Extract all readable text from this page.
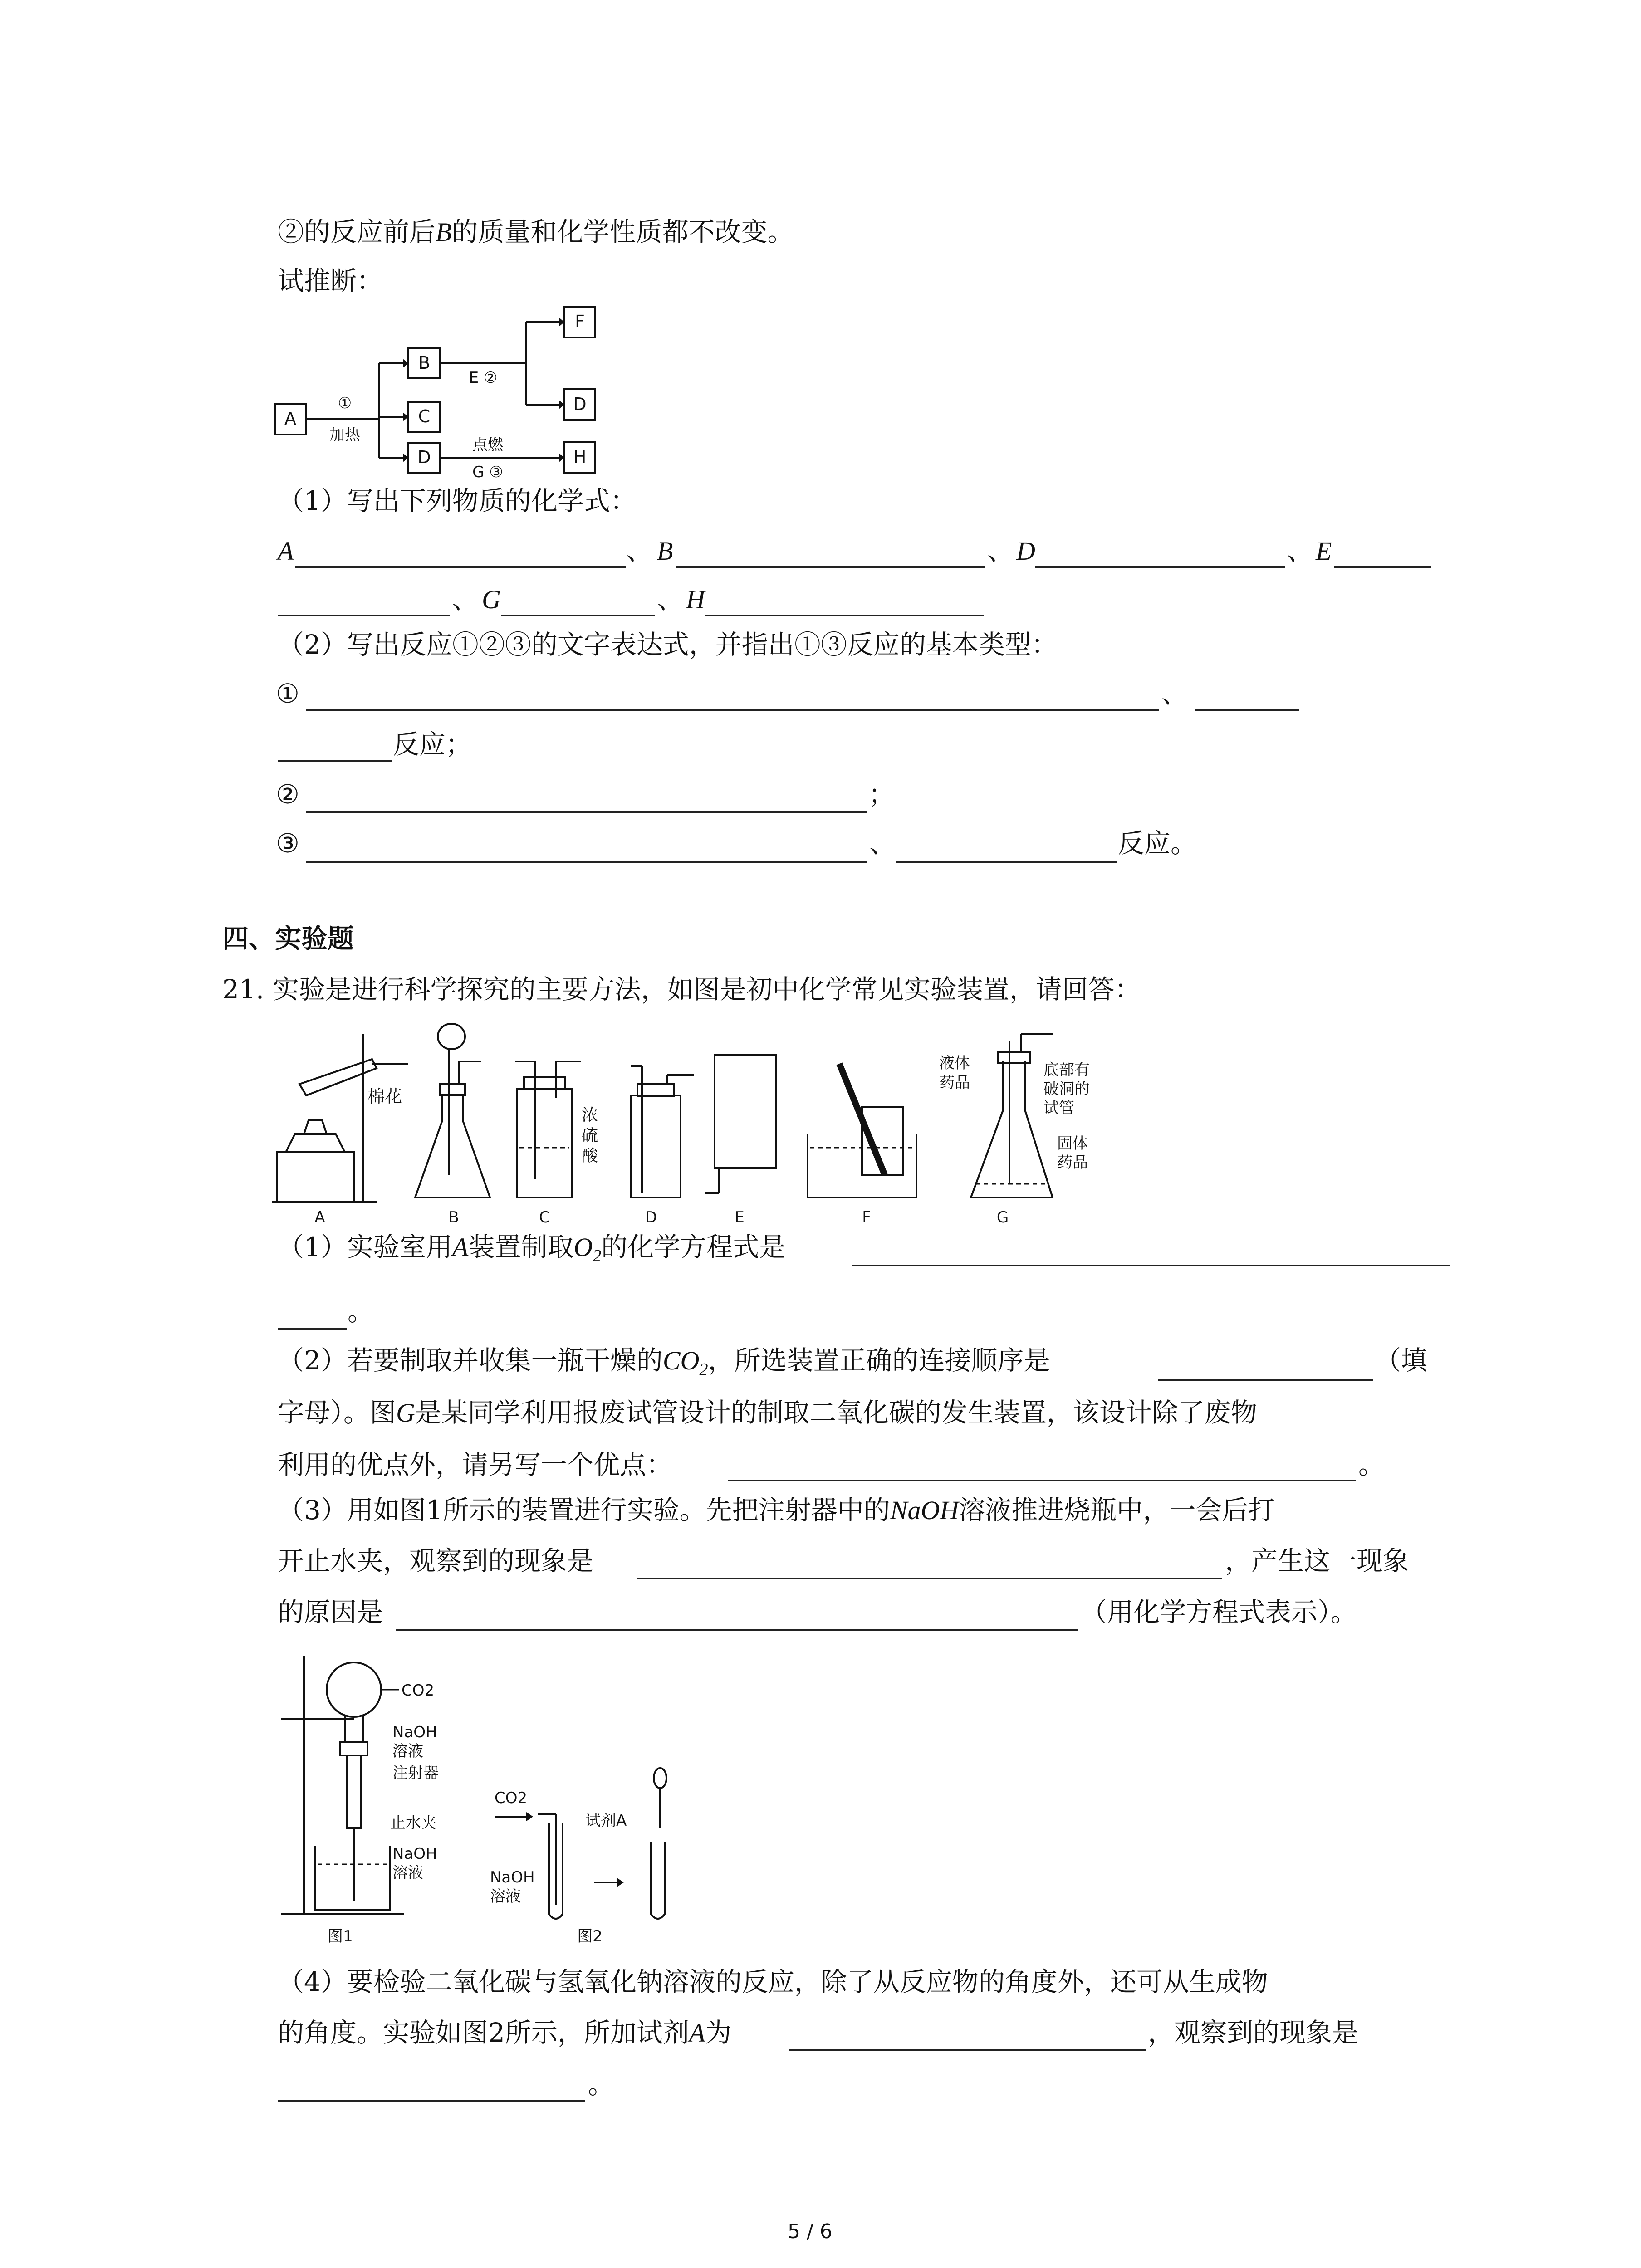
②的反应前后B的质量和化学性质都不改变。
试推断：
A
B
C
D
F
D
H
①
加热
E ②
点燃
G ③
（1）写出下列物质的化学式：
A	、 B	、 D	、 E
、 G	、 H
（2）写出反应①②③的文字表达式，并指出①③反应的基本类型：
①	、
反应；
②	；
③	、	反应。
四、实验题
21. 实验是进行科学探究的主要方法，如图是初中化学常见实验装置，请回答：
棉花
A	B
浓
硫
酸
C	D	E	F
液体
药品
底部有
破洞的
试管
固体
药品
G
（1）实验室用A装置制取$O_2$的化学方程式是
。
（2）若要制取并收集一瓶干燥的$CO_2$，所选装置正确的连接顺序是	（填
字母）。图G是某同学利用报废试管设计的制取二氧化碳的发生装置，该设计除了废物
利用的优点外，请另写一个优点：	。
（3）用如图1所示的装置进行实验。先把注射器中的NaOH溶液推进烧瓶中，一会后打
开止水夹，观察到的现象是	，产生这一现象
的原因是	（用化学方程式表示）。
CO2
NaOH
溶液
注射器
止水夹
NaOH
溶液
图1
CO2
NaOH
溶液
试剂A
图2
（4）要检验二氧化碳与氢氧化钠溶液的反应，除了从反应物的角度外，还可从生成物
的角度。实验如图2所示，所加试剂A为	，观察到的现象是
。
5 / 6
